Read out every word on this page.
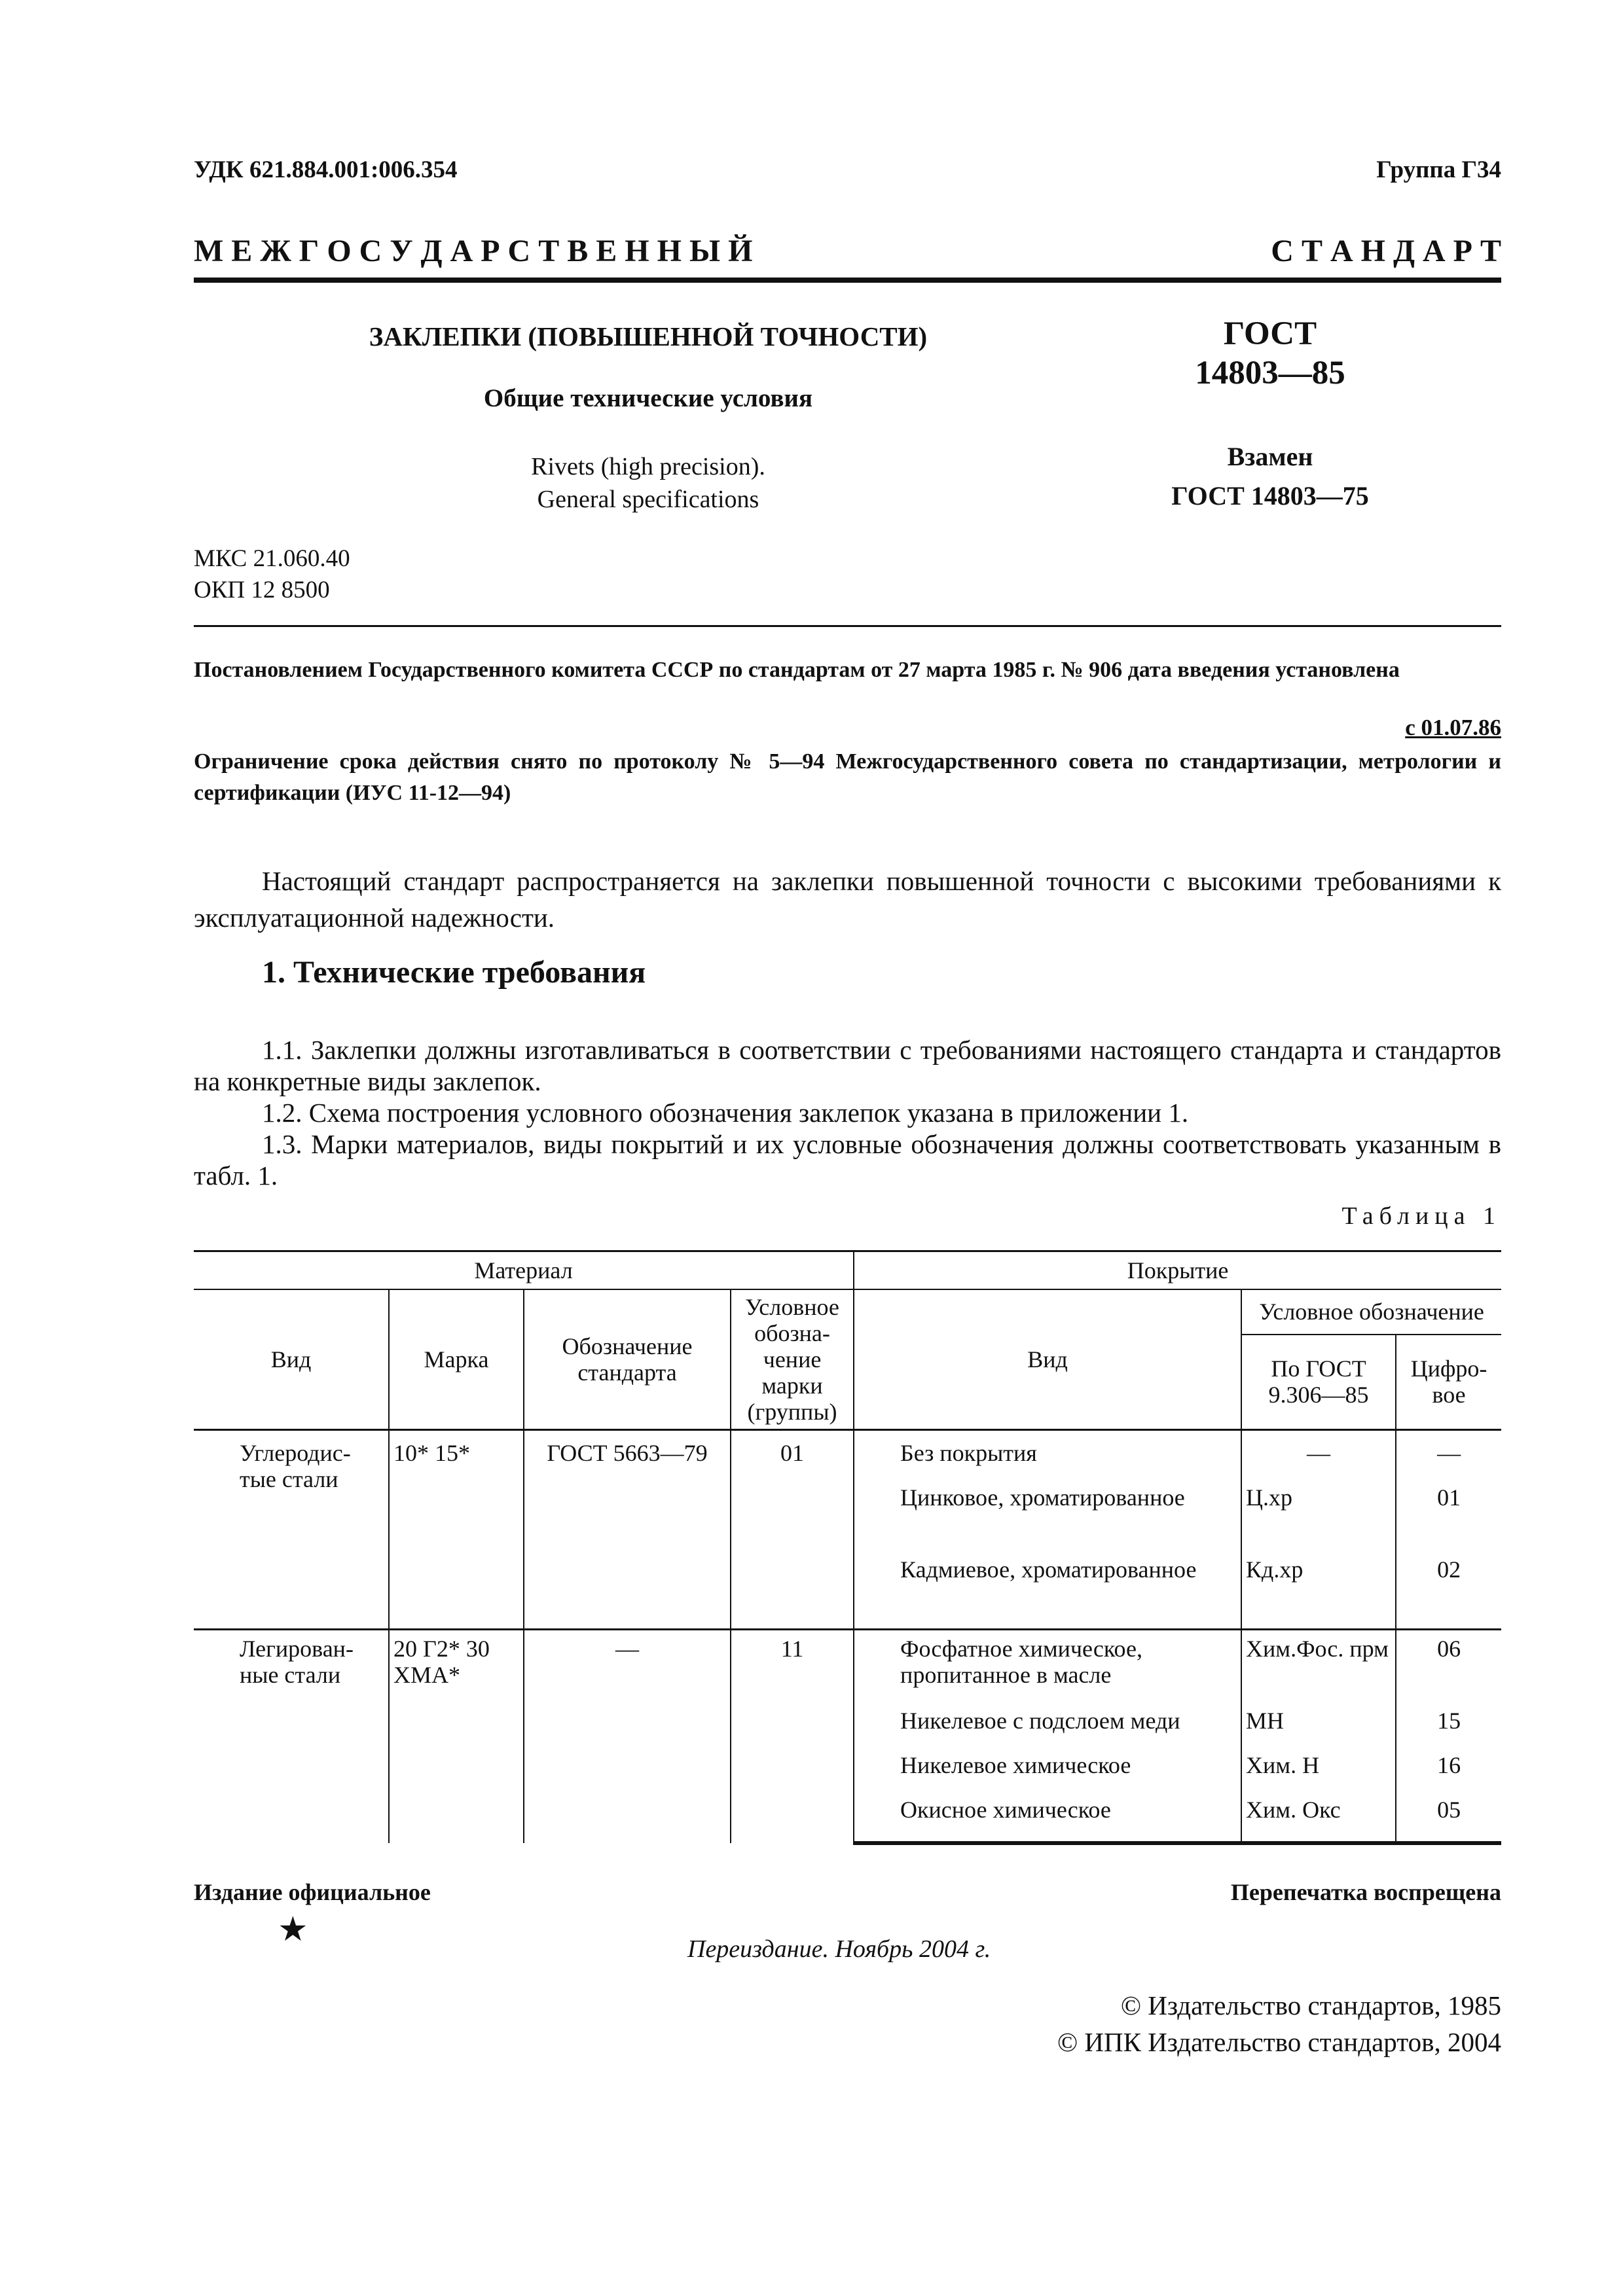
УДК 621.884.001:006.354	Группа Г34
М Е Ж Г О С У Д А Р С Т В Е Н Н Ы Й	С Т А Н Д А Р Т
ЗАКЛЕПКИ (ПОВЫШЕННОЙ ТОЧНОСТИ)
Общие технические условия
Rivets (high precision).
General specifications
ГОСТ
14803—85
Взамен
ГОСТ 14803—75
МКС 21.060.40
ОКП 12 8500
Постановлением Государственного комитета СССР по стандартам от 27 марта 1985 г. № 906 дата введения установлена
с 01.07.86
Ограничение срока действия снято по протоколу № 5—94 Межгосударственного совета по стандартизации, метрологии и сертификации (ИУС 11-12—94)
Настоящий стандарт распространяется на заклепки повышенной точности с высокими требованиями к эксплуатационной надежности.
1. Технические требования
1.1. Заклепки должны изготавливаться в соответствии с требованиями настоящего стандарта и стандартов на конкретные виды заклепок.
1.2. Схема построения условного обозначения заклепок указана в приложении 1.
1.3. Марки материалов, виды покрытий и их условные обозначения должны соответствовать указанным в табл. 1.
Таблица 1
Материал				Покрытие		
Вид	Марка	Обозначение стандарта	Условное обозна-чение марки (группы)	Вид	Условное обозначение	
					По ГОСТ 9.306—85	Цифро-вое
Углеродис-тые стали	10* 15*	ГОСТ 5663—79	01	Без покрытия	—	—
				Цинковое, хроматированное	Ц.хр	01
				Кадмиевое, хроматированное	Кд.хр	02
Легирован-ные стали	20 Г2* 30 ХМА*	—	11	Фосфатное химическое, пропитанное в масле	Хим.Фос. прм	06
				Никелевое с подслоем меди	МН	15
				Никелевое химическое	Хим. Н	16
				Окисное химическое	Хим. Окс	05
Издание официальное	Перепечатка воспрещена
★
Переиздание. Ноябрь 2004 г.
© Издательство стандартов, 1985
© ИПК Издательство стандартов, 2004
